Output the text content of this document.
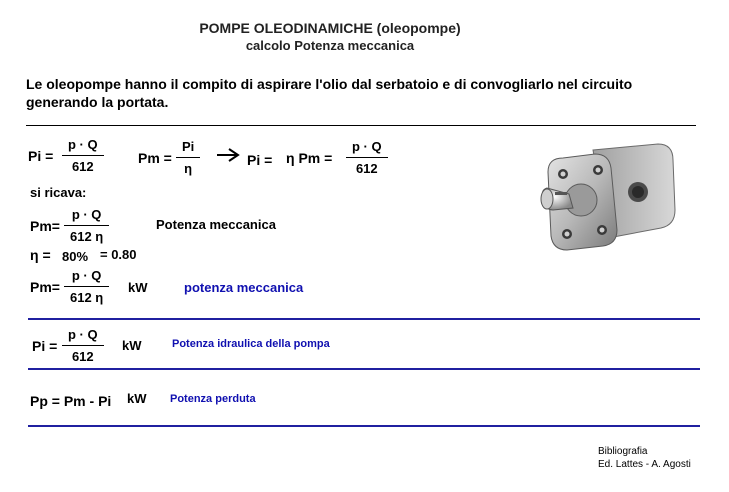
POMPE OLEODINAMICHE (oleopompe)
calcolo Potenza meccanica
Le oleopompe hanno il compito di aspirare l'olio dal serbatoio e di convogliarlo nel circuito generando la portata.
Pi =
p · Q
612
Pm =
Pi
η
Pi = η Pm =
p · Q
612
si ricava:
Pm=
p · Q
612 η
Potenza meccanica
η = 80% = 0.80
Pm=
p · Q
612 η
kW	potenza meccanica
Pi =
p · Q
612
kW	Potenza idraulica della pompa
Pp = Pm - Pi kW Potenza perduta
Bibliografia
Ed. Lattes - A. Agosti
